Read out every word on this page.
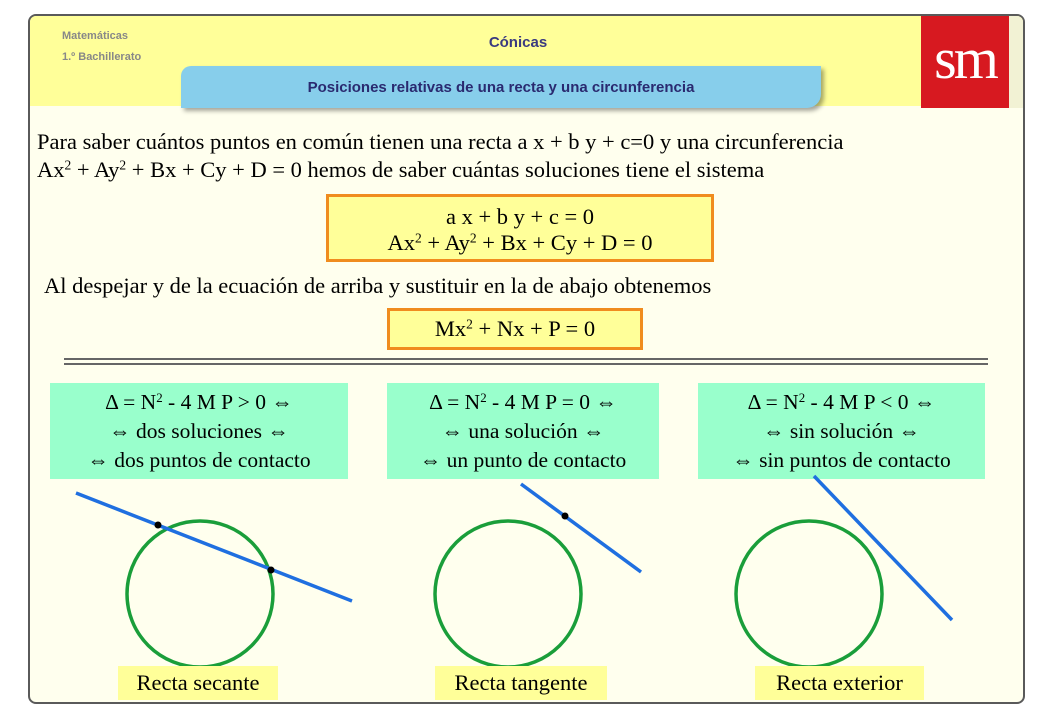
Matemáticas
1.º Bachillerato
Cónicas	sm
Posiciones relativas de una recta y una circunferencia
Para saber cuántos puntos en común tienen una recta a x + b y + c=0 y una circunferencia
$Ax^2 + Ay^2 + Bx + Cy + D = 0$ hemos de saber cuántas soluciones tiene el sistema
a x + b y + c = 0
$Ax^2 + Ay^2 + Bx + Cy + D = 0$
Al despejar y de la ecuación de arriba y sustituir en la de abajo obtenemos
$Mx^2 + Nx + P = 0$
$\Delta = N^2 - 4$ M P > 0 ⇔
⇔ dos soluciones ⇔
⇔ dos puntos de contacto
$\Delta = N^2 - 4$ M P = 0 ⇔
⇔ una solución ⇔
⇔ un punto de contacto
$\Delta = N^2 - 4$ M P < 0 ⇔
⇔ sin solución ⇔
⇔ sin puntos de contacto
Recta secante	Recta tangente	Recta exterior
